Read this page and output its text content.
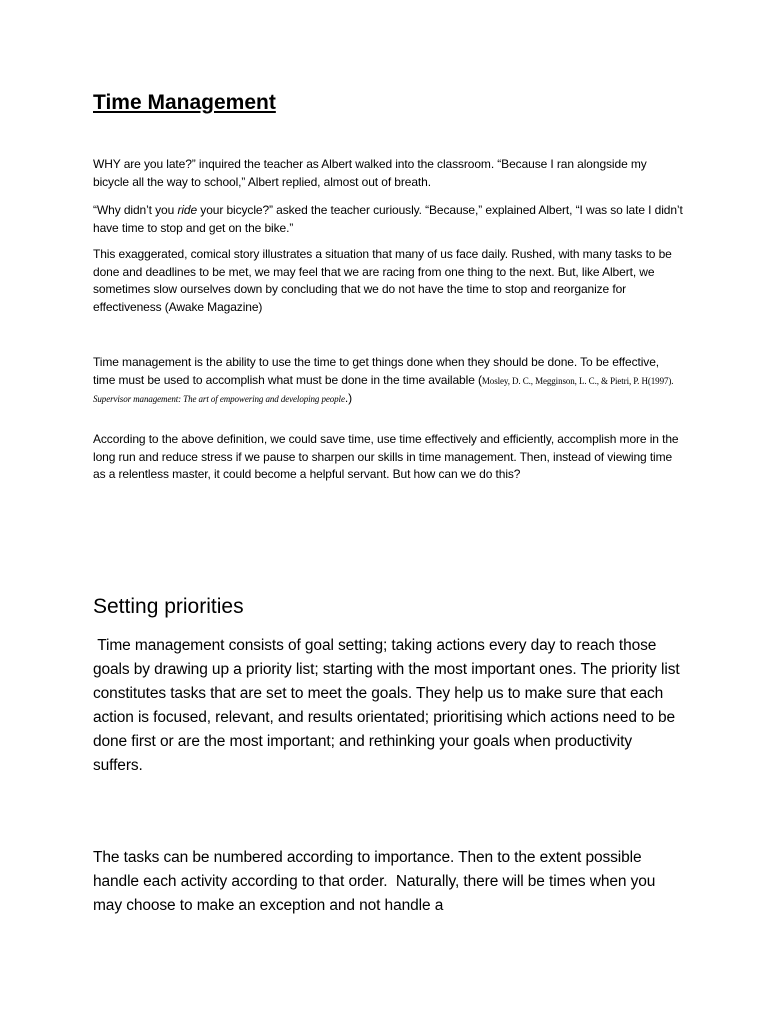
Time Management

WHY are you late?” inquired the teacher as Albert walked into the classroom. “Because I ran alongside my bicycle all the way to school,” Albert replied, almost out of breath.

“Why didn’t you ride your bicycle?” asked the teacher curiously. “Because,” explained Albert, “I was so late I didn’t have time to stop and get on the bike.”

This exaggerated, comical story illustrates a situation that many of us face daily. Rushed, with many tasks to be done and deadlines to be met, we may feel that we are racing from one thing to the next. But, like Albert, we sometimes slow ourselves down by concluding that we do not have the time to stop and reorganize for effectiveness (Awake Magazine)

Time management is the ability to use the time to get things done when they should be done. To be effective, time must be used to accomplish what must be done in the time available (Mosley, D. C., Megginson, L. C., & Pietri, P. H(1997). Supervisor management: The art of empowering and developing people.)

According to the above definition, we could save time, use time effectively and efficiently, accomplish more in the long run and reduce stress if we pause to sharpen our skills in time management. Then, instead of viewing time as a relentless master, it could become a helpful servant. But how can we do this?

Setting priorities

Time management consists of goal setting; taking actions every day to reach those goals by drawing up a priority list; starting with the most important ones. The priority list constitutes tasks that are set to meet the goals. They help us to make sure that each action is focused, relevant, and results orientated; prioritising which actions need to be done first or are the most important; and rethinking your goals when productivity suffers.

The tasks can be numbered according to importance. Then to the extent possible handle each activity according to that order.  Naturally, there will be times when you may choose to make an exception and not handle a
